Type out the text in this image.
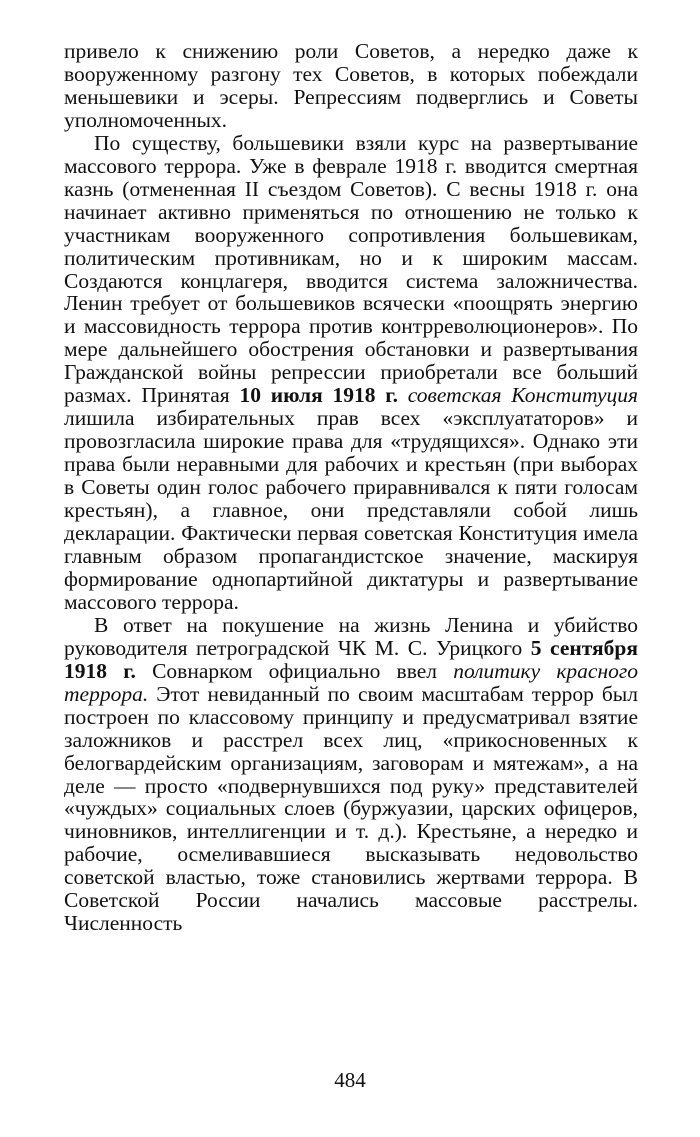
привело к снижению роли Советов, а нередко даже к вооруженному разгону тех Советов, в которых побеждали меньшевики и эсеры. Репрессиям подверглись и Советы уполномоченных.

По существу, большевики взяли курс на развертывание массового террора. Уже в феврале 1918 г. вводится смертная казнь (отмененная II съездом Советов). С весны 1918 г. она начинает активно применяться по отношению не только к участникам вооруженного сопротивления большевикам, политическим противникам, но и к широким массам. Создаются концлагеря, вводится система заложничества. Ленин требует от большевиков всячески «поощрять энергию и массовидность террора против контрреволюционеров». По мере дальнейшего обострения обстановки и развертывания Гражданской войны репрессии приобретали все больший размах. Принятая 10 июля 1918 г. советская Конституция лишила избирательных прав всех «эксплуататоров» и провозгласила широкие права для «трудящихся». Однако эти права были неравными для рабочих и крестьян (при выборах в Советы один голос рабочего приравнивался к пяти голосам крестьян), а главное, они представляли собой лишь декларации. Фактически первая советская Конституция имела главным образом пропагандистское значение, маскируя формирование однопартийной диктатуры и развертывание массового террора.

В ответ на покушение на жизнь Ленина и убийство руководителя петроградской ЧК М. С. Урицкого 5 сентября 1918 г. Совнарком официально ввел политику красного террора. Этот невиданный по своим масштабам террор был построен по классовому принципу и предусматривал взятие заложников и расстрел всех лиц, «прикосновенных к белогвардейским организациям, заговорам и мятежам», а на деле — просто «подвернувшихся под руку» представителей «чуждых» социальных слоев (буржуазии, царских офицеров, чиновников, интеллигенции и т. д.). Крестьяне, а нередко и рабочие, осмеливавшиеся высказывать недовольство советской властью, тоже становились жертвами террора. В Советской России начались массовые расстрелы. Численность

484
